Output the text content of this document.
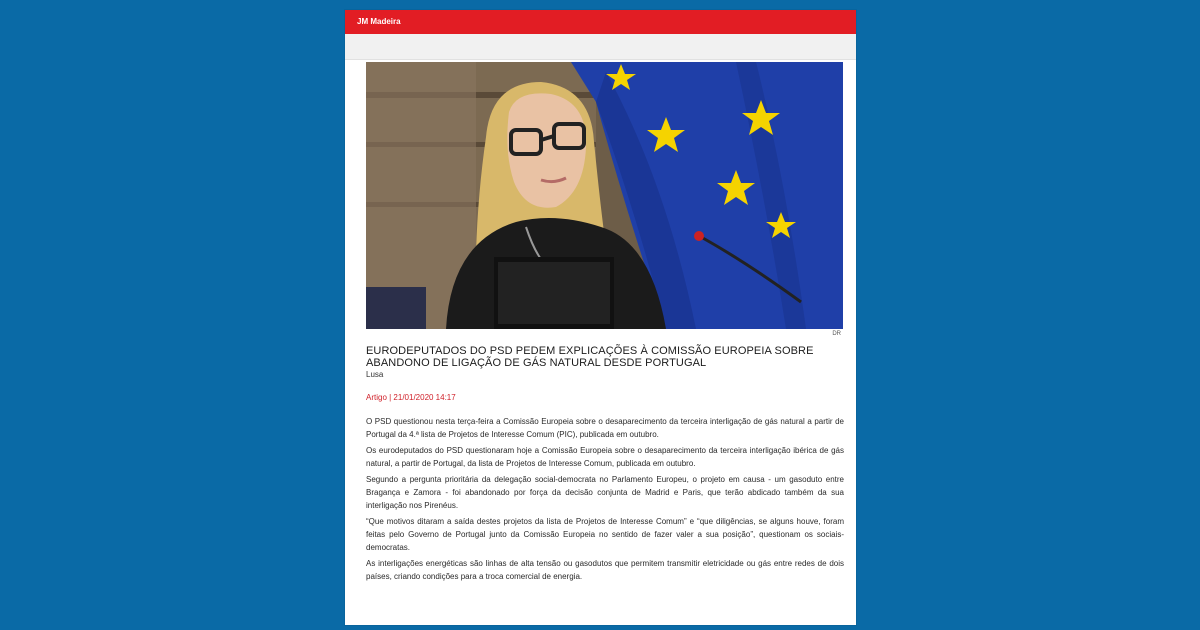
JM Madeira
DR
EURODEPUTADOS DO PSD PEDEM EXPLICAÇÕES À COMISSÃO EUROPEIA SOBRE ABANDONO DE LIGAÇÃO DE GÁS NATURAL DESDE PORTUGAL
Lusa
Artigo | 21/01/2020 14:17

O PSD questionou nesta terça-feira a Comissão Europeia sobre o desaparecimento da terceira interligação de gás natural a partir de Portugal da 4.ª lista de Projetos de Interesse Comum (PIC), publicada em outubro.

Os eurodeputados do PSD questionaram hoje a Comissão Europeia sobre o desaparecimento da terceira interligação ibérica de gás natural, a partir de Portugal, da lista de Projetos de Interesse Comum, publicada em outubro.

Segundo a pergunta prioritária da delegação social-democrata no Parlamento Europeu, o projeto em causa - um gasoduto entre Bragança e Zamora - foi abandonado por força da decisão conjunta de Madrid e Paris, que terão abdicado também da sua interligação nos Pirenéus.

“Que motivos ditaram a saída destes projetos da lista de Projetos de Interesse Comum” e “que diligências, se alguns houve, foram feitas pelo Governo de Portugal junto da Comissão Europeia no sentido de fazer valer a sua posição”, questionam os sociais-democratas.

As interligações energéticas são linhas de alta tensão ou gasodutos que permitem transmitir eletricidade ou gás entre redes de dois países, criando condições para a troca comercial de energia.
